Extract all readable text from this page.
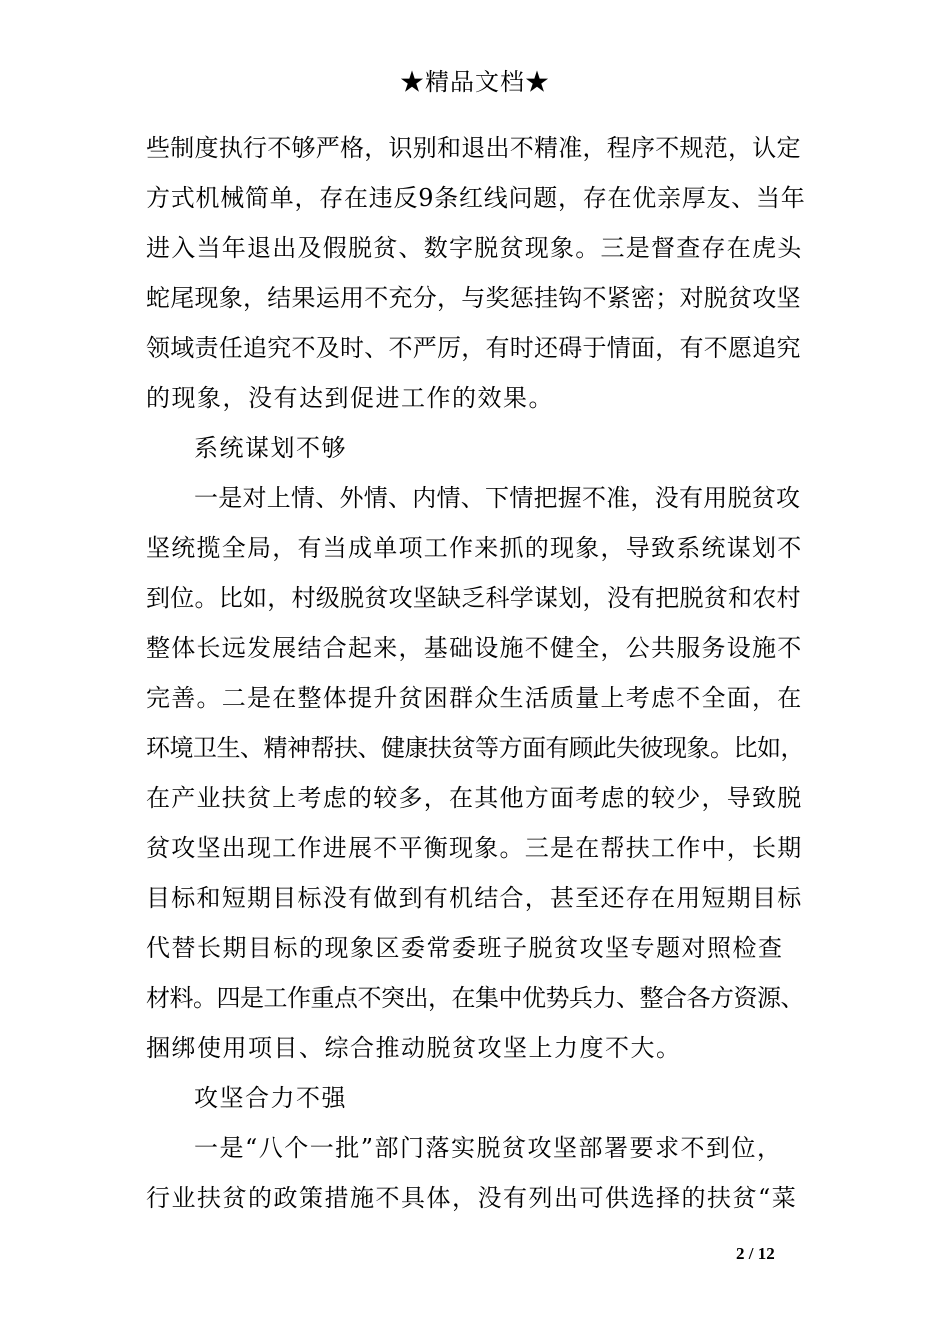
★精品文档★
些制度执行不够严格，识别和退出不精准，程序不规范，认定
方式机械简单，存在违反9条红线问题，存在优亲厚友、当年
进入当年退出及假脱贫、数字脱贫现象。三是督查存在虎头
蛇尾现象，结果运用不充分，与奖惩挂钩不紧密；对脱贫攻坚
领域责任追究不及时、不严厉，有时还碍于情面，有不愿追究
的现象，没有达到促进工作的效果。
系统谋划不够
一是对上情、外情、内情、下情把握不准，没有用脱贫攻
坚统揽全局，有当成单项工作来抓的现象，导致系统谋划不
到位。比如，村级脱贫攻坚缺乏科学谋划，没有把脱贫和农村
整体长远发展结合起来，基础设施不健全，公共服务设施不
完善。二是在整体提升贫困群众生活质量上考虑不全面，在
环境卫生、精神帮扶、健康扶贫等方面有顾此失彼现象。比如，
在产业扶贫上考虑的较多，在其他方面考虑的较少，导致脱
贫攻坚出现工作进展不平衡现象。三是在帮扶工作中，长期
目标和短期目标没有做到有机结合，甚至还存在用短期目标
代替长期目标的现象区委常委班子脱贫攻坚专题对照检查
材料。四是工作重点不突出，在集中优势兵力、整合各方资源、
捆绑使用项目、综合推动脱贫攻坚上力度不大。
攻坚合力不强
一是“八个一批”部门落实脱贫攻坚部署要求不到位，
行业扶贫的政策措施不具体，没有列出可供选择的扶贫“菜
2 / 12
